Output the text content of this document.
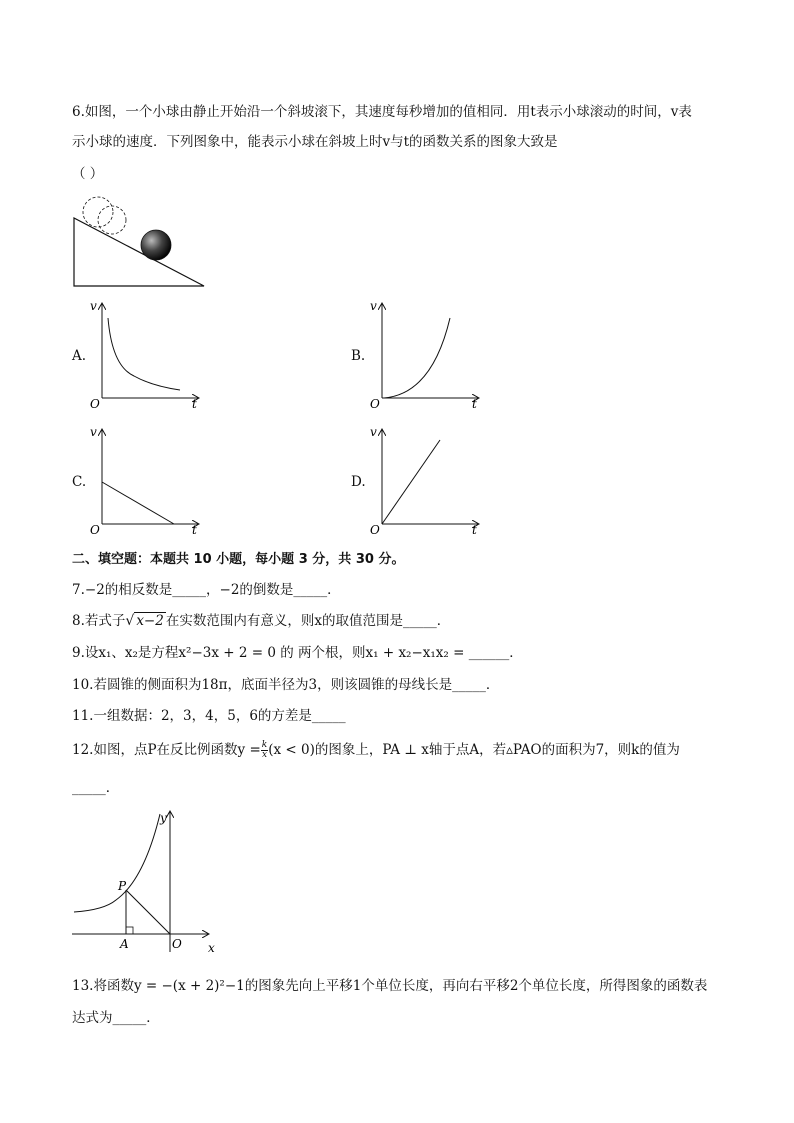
6.如图，一个小球由静止开始沿一个斜坡滚下，其速度每秒增加的值相同．用t表示小球滚动的时间，v表
示小球的速度．下列图象中，能表示小球在斜坡上时v与t的函数关系的图象大致是
（ ）
A.
v
O	t
B.
v
O	t
C.
v
O	t
D.
v
O	t
二、填空题：本题共 10 小题，每小题 3 分，共 30 分。
7.−2的相反数是_____，−2的倒数是_____．
8.若式子√ x−2 在实数范围内有意义，则x的取值范围是_____．
9.设x₁、x₂是方程x²−3x + 2 = 0 的 两个根，则x₁ + x₂−x₁x₂ = ______．
10.若圆锥的侧面积为18π，底面半径为3，则该圆锥的母线长是_____．
11.一组数据：2，3，4，5，6的方差是_____
12.如图，点P在反比例函数$y = \frac{k}{x} (x < 0)$的图象上，PA ⊥ x轴于点A，若▵PAO的面积为7，则k的值为
_____．
y
x
P
A	O
13.将函数y = −(x + 2)²−1的图象先向上平移1个单位长度，再向右平移2个单位长度，所得图象的函数表
达式为_____．
